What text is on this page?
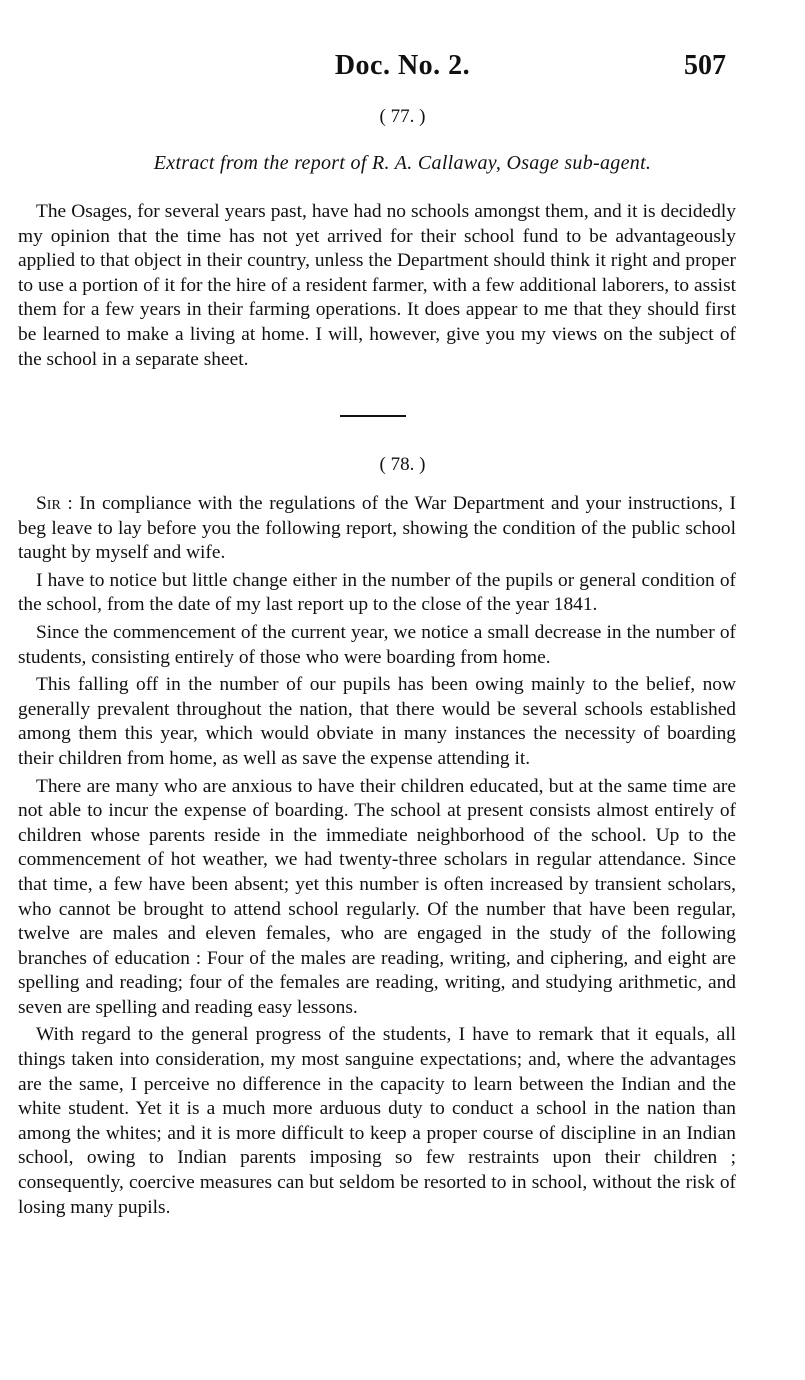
Doc. No. 2.	507
( 77. )
Extract from the report of R. A. Callaway, Osage sub-agent.

The Osages, for several years past, have had no schools amongst them, and it is decidedly my opinion that the time has not yet arrived for their school fund to be advantageously applied to that object in their country, unless the Department should think it right and proper to use a portion of it for the hire of a resident farmer, with a few additional laborers, to assist them for a few years in their farming operations. It does appear to me that they should first be learned to make a living at home. I will, however, give you my views on the subject of the school in a separate sheet.

( 78. )

Sir : In compliance with the regulations of the War Department and your instructions, I beg leave to lay before you the following report, showing the condition of the public school taught by myself and wife.

I have to notice but little change either in the number of the pupils or general condition of the school, from the date of my last report up to the close of the year 1841.

Since the commencement of the current year, we notice a small decrease in the number of students, consisting entirely of those who were boarding from home.

This falling off in the number of our pupils has been owing mainly to the belief, now generally prevalent throughout the nation, that there would be several schools established among them this year, which would obviate in many instances the necessity of boarding their children from home, as well as save the expense attending it.

There are many who are anxious to have their children educated, but at the same time are not able to incur the expense of boarding. The school at present consists almost entirely of children whose parents reside in the immediate neighborhood of the school. Up to the commencement of hot weather, we had twenty-three scholars in regular attendance. Since that time, a few have been absent; yet this number is often increased by transient scholars, who cannot be brought to attend school regularly. Of the number that have been regular, twelve are males and eleven females, who are engaged in the study of the following branches of education : Four of the males are reading, writing, and ciphering, and eight are spelling and reading; four of the females are reading, writing, and studying arithmetic, and seven are spelling and reading easy lessons.

With regard to the general progress of the students, I have to remark that it equals, all things taken into consideration, my most sanguine expectations; and, where the advantages are the same, I perceive no difference in the capacity to learn between the Indian and the white student. Yet it is a much more arduous duty to conduct a school in the nation than among the whites; and it is more difficult to keep a proper course of discipline in an Indian school, owing to Indian parents imposing so few restraints upon their children ; consequently, coercive measures can but seldom be resorted to in school, without the risk of losing many pupils.
